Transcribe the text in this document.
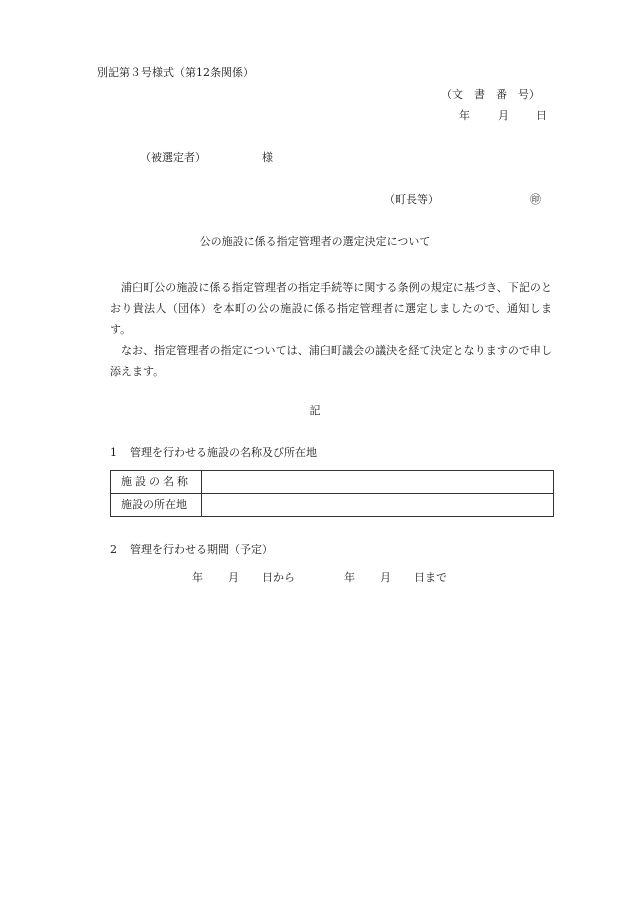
別記第３号様式（第12条関係）
（文　書　番　号）
年	月 日
（被選定者）	様
（町長等）	㊞
公の施設に係る指定管理者の選定決定について

浦臼町公の施設に係る指定管理者の指定手続等に関する条例の規定に基づき、下記のとおり貴法人（団体）を本町の公の施設に係る指定管理者に選定しましたので、通知します。

なお、指定管理者の指定については、浦臼町議会の議決を経て決定となりますので申し添えます。

記
1 管理を行わせる施設の名称及び所在地
施設の名称	
施設の所在地	
2 管理を行わせる期間（予定）
年 月 日から	年 月 日まで
